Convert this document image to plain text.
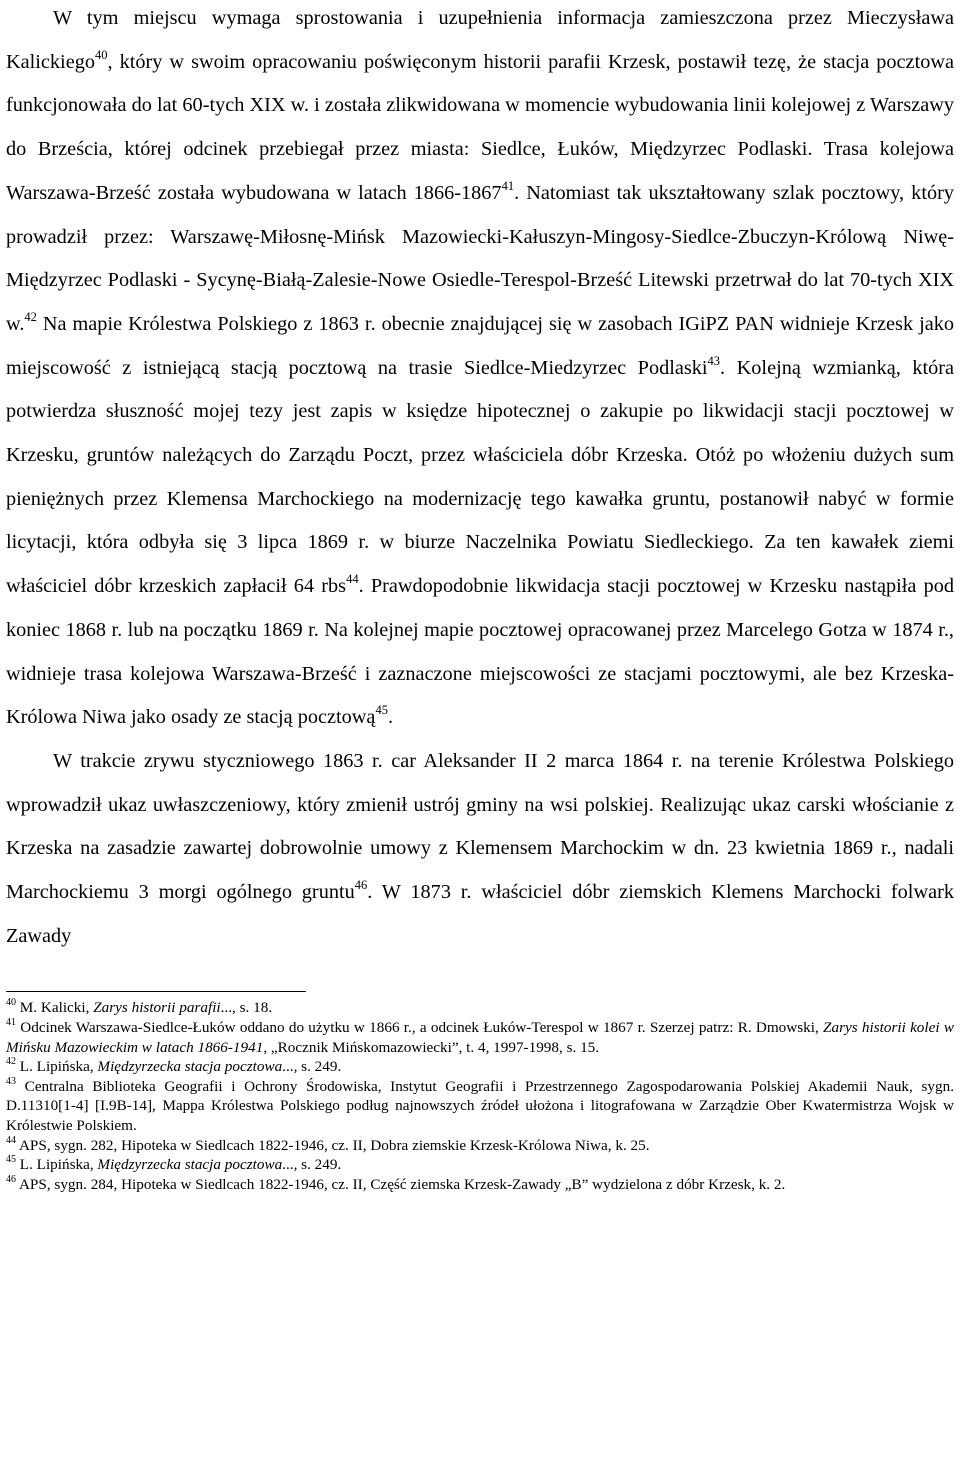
W tym miejscu wymaga sprostowania i uzupełnienia informacja zamieszczona przez Mieczysława Kalickiego$^{40}$, który w swoim opracowaniu poświęconym historii parafii Krzesk, postawił tezę, że stacja pocztowa funkcjonowała do lat 60-tych XIX w. i została zlikwidowana w momencie wybudowania linii kolejowej z Warszawy do Brześcia, której odcinek przebiegał przez miasta: Siedlce, Łuków, Międzyrzec Podlaski. Trasa kolejowa Warszawa-Brześć została wybudowana w latach 1866-1867$^{41}$. Natomiast tak ukształtowany szlak pocztowy, który prowadził przez: Warszawę-Miłosnę-Mińsk Mazowiecki-Kałuszyn-Mingosy-Siedlce-Zbuczyn-Królową Niwę-Międzyrzec Podlaski - Sycynę-Białą-Zalesie-Nowe Osiedle-Terespol-Brześć Litewski przetrwał do lat 70-tych XIX w.$^{42}$ Na mapie Królestwa Polskiego z 1863 r. obecnie znajdującej się w zasobach IGiPZ PAN widnieje Krzesk jako miejscowość z istniejącą stacją pocztową na trasie Siedlce-Miedzyrzec Podlaski$^{43}$. Kolejną wzmianką, która potwierdza słuszność mojej tezy jest zapis w księdze hipotecznej o zakupie po likwidacji stacji pocztowej w Krzesku, gruntów należących do Zarządu Poczt, przez właściciela dóbr Krzeska. Otóż po włożeniu dużych sum pieniężnych przez Klemensa Marchockiego na modernizację tego kawałka gruntu, postanowił nabyć w formie licytacji, która odbyła się 3 lipca 1869 r. w biurze Naczelnika Powiatu Siedleckiego. Za ten kawałek ziemi właściciel dóbr krzeskich zapłacił 64 rbs$^{44}$. Prawdopodobnie likwidacja stacji pocztowej w Krzesku nastąpiła pod koniec 1868 r. lub na początku 1869 r. Na kolejnej mapie pocztowej opracowanej przez Marcelego Gotza w 1874 r., widnieje trasa kolejowa Warszawa-Brześć i zaznaczone miejscowości ze stacjami pocztowymi, ale bez Krzeska-Królowa Niwa jako osady ze stacją pocztową$^{45}$.

W trakcie zrywu styczniowego 1863 r. car Aleksander II 2 marca 1864 r. na terenie Królestwa Polskiego wprowadził ukaz uwłaszczeniowy, który zmienił ustrój gminy na wsi polskiej. Realizując ukaz carski włościanie z Krzeska na zasadzie zawartej dobrowolnie umowy z Klemensem Marchockim w dn. 23 kwietnia 1869 r., nadali Marchockiemu 3 morgi ogólnego gruntu$^{46}$. W 1873 r. właściciel dóbr ziemskich Klemens Marchocki folwark Zawady

$^{40}$ M. Kalicki, Zarys historii parafii..., s. 18.

$^{41}$ Odcinek Warszawa-Siedlce-Łuków oddano do użytku w 1866 r., a odcinek Łuków-Terespol w 1867 r. Szerzej patrz: R. Dmowski, Zarys historii kolei w Mińsku Mazowieckim w latach 1866-1941, „Rocznik Mińskomazowiecki”, t. 4, 1997-1998, s. 15.

$^{42}$ L. Lipińska, Międzyrzecka stacja pocztowa..., s. 249.

$^{43}$ Centralna Biblioteka Geografii i Ochrony Środowiska, Instytut Geografii i Przestrzennego Zagospodarowania Polskiej Akademii Nauk, sygn. D.11310[1-4] [I.9B-14], Mappa Królestwa Polskiego podług najnowszych źródeł ułożona i litografowana w Zarządzie Ober Kwatermistrza Wojsk w Królestwie Polskiem.

$^{44}$ APS, sygn. 282, Hipoteka w Siedlcach 1822-1946, cz. II, Dobra ziemskie Krzesk-Królowa Niwa, k. 25.

$^{45}$ L. Lipińska, Międzyrzecka stacja pocztowa..., s. 249.

$^{46}$ APS, sygn. 284, Hipoteka w Siedlcach 1822-1946, cz. II, Część ziemska Krzesk-Zawady „B” wydzielona z dóbr Krzesk, k. 2.
